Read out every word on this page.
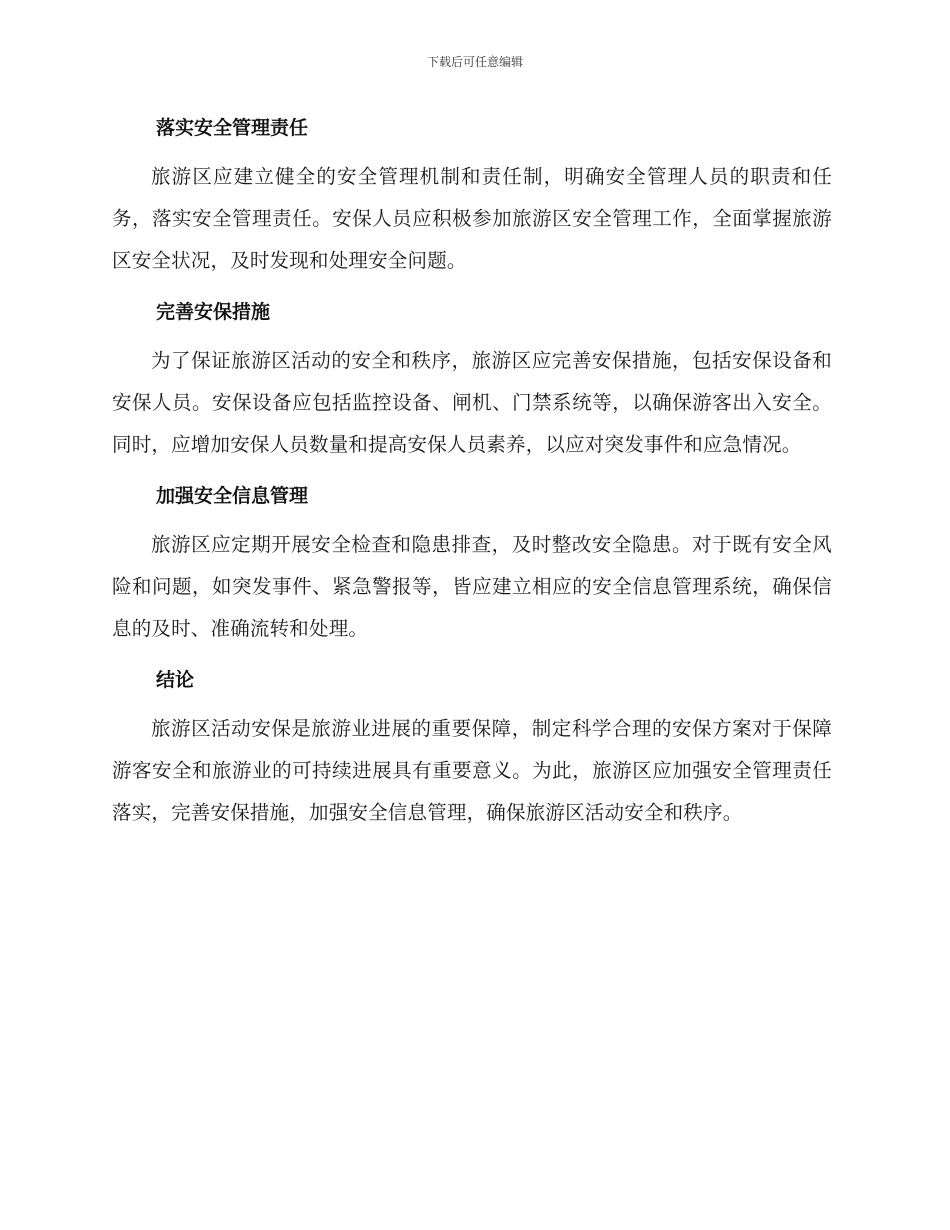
下载后可任意编辑
落实安全管理责任

旅游区应建立健全的安全管理机制和责任制，明确安全管理人员的职责和任务，落实安全管理责任。安保人员应积极参加旅游区安全管理工作，全面掌握旅游区安全状况，及时发现和处理安全问题。

完善安保措施

为了保证旅游区活动的安全和秩序，旅游区应完善安保措施，包括安保设备和安保人员。安保设备应包括监控设备、闸机、门禁系统等，以确保游客出入安全。同时，应增加安保人员数量和提高安保人员素养，以应对突发事件和应急情况。

加强安全信息管理

旅游区应定期开展安全检查和隐患排查，及时整改安全隐患。对于既有安全风险和问题，如突发事件、紧急警报等，皆应建立相应的安全信息管理系统，确保信息的及时、准确流转和处理。

结论

旅游区活动安保是旅游业进展的重要保障，制定科学合理的安保方案对于保障游客安全和旅游业的可持续进展具有重要意义。为此，旅游区应加强安全管理责任落实，完善安保措施，加强安全信息管理，确保旅游区活动安全和秩序。
